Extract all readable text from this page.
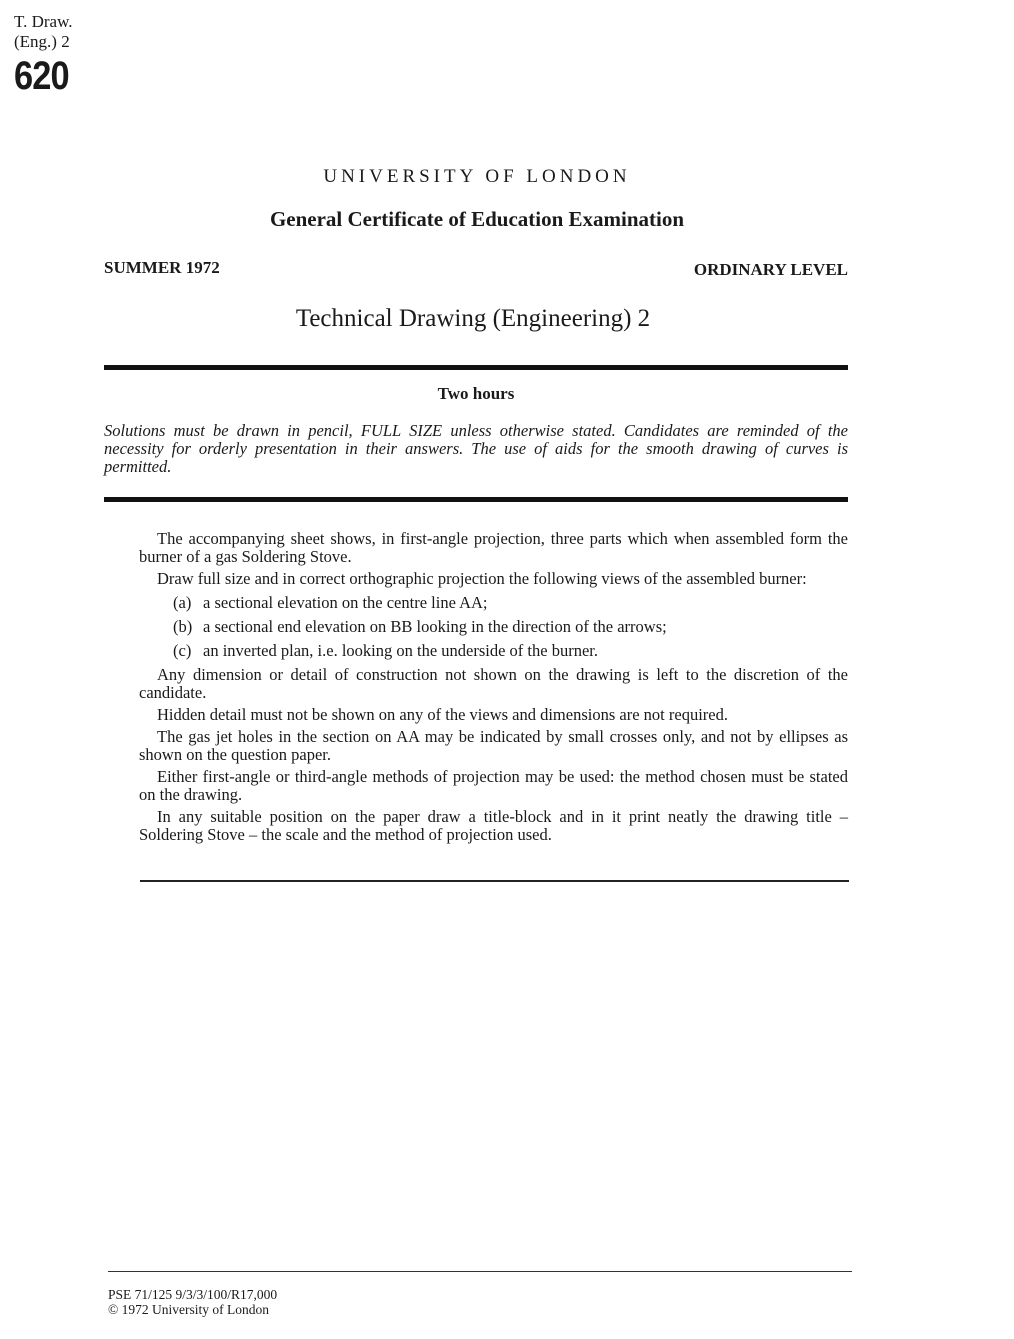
T. Draw.
(Eng.) 2
620
UNIVERSITY OF LONDON
General Certificate of Education Examination
SUMMER 1972	ORDINARY LEVEL
Technical Drawing (Engineering) 2
Two hours
Solutions must be drawn in pencil, FULL SIZE unless otherwise stated. Candidates are reminded of the necessity for orderly presentation in their answers. The use of aids for the smooth drawing of curves is permitted.

The accompanying sheet shows, in first-angle projection, three parts which when assembled form the burner of a gas Soldering Stove.

Draw full size and in correct orthographic projection the following views of the assembled burner:

(a) a sectional elevation on the centre line AA;

(b) a sectional end elevation on BB looking in the direction of the arrows;

(c) an inverted plan, i.e. looking on the underside of the burner.

Any dimension or detail of construction not shown on the drawing is left to the discretion of the candidate.

Hidden detail must not be shown on any of the views and dimensions are not required.

The gas jet holes in the section on AA may be indicated by small crosses only, and not by ellipses as shown on the question paper.

Either first-angle or third-angle methods of projection may be used: the method chosen must be stated on the drawing.

In any suitable position on the paper draw a title-block and in it print neatly the drawing title – Soldering Stove – the scale and the method of projection used.

PSE 71/125 9/3/3/100/R17,000
© 1972 University of London
